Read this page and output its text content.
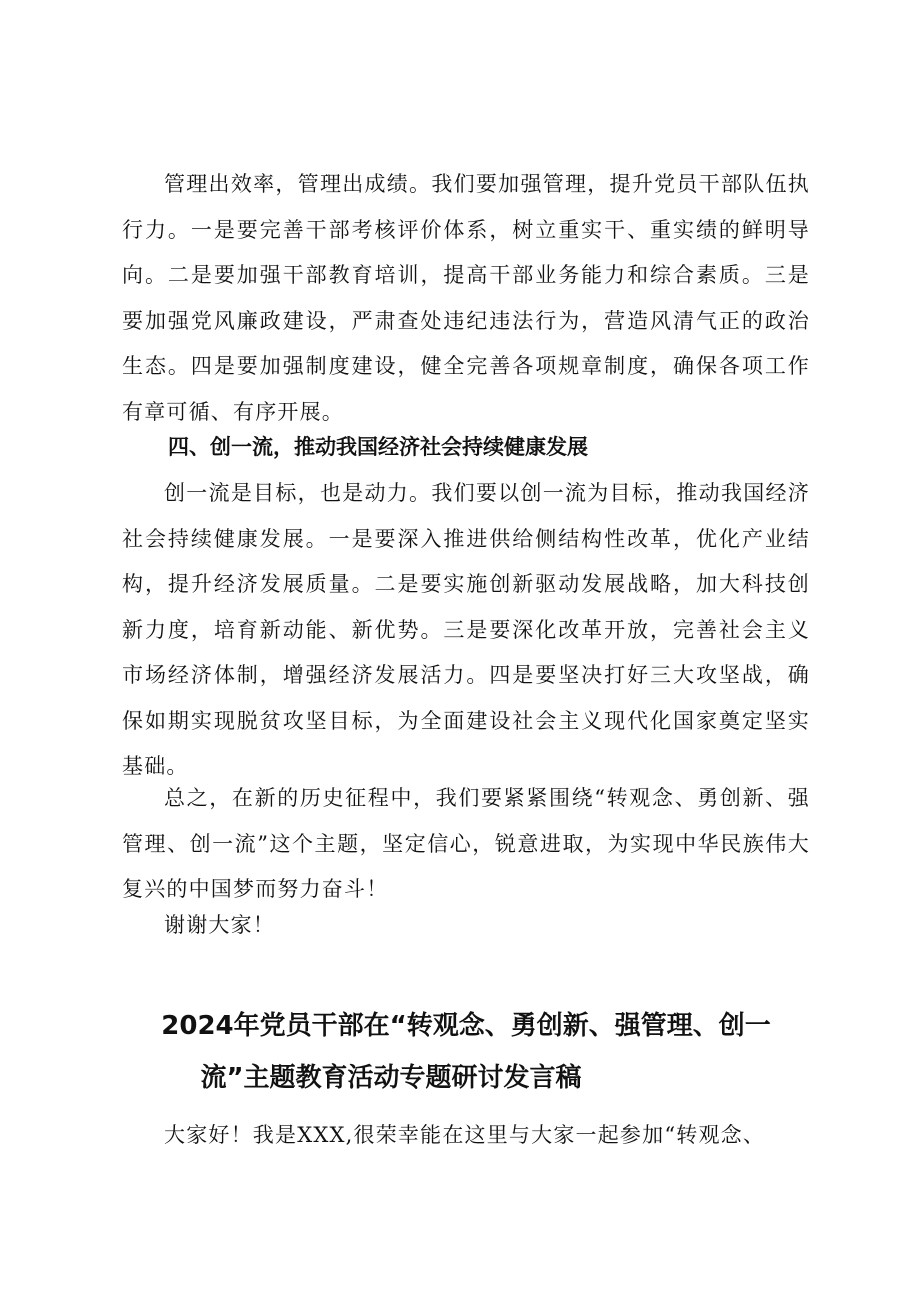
管理出效率，管理出成绩。我们要加强管理，提升党员干部队伍执行力。一是要完善干部考核评价体系，树立重实干、重实绩的鲜明导向。二是要加强干部教育培训，提高干部业务能力和综合素质。三是要加强党风廉政建设，严肃查处违纪违法行为，营造风清气正的政治生态。四是要加强制度建设，健全完善各项规章制度，确保各项工作有章可循、有序开展。

四、创一流，推动我国经济社会持续健康发展

创一流是目标，也是动力。我们要以创一流为目标，推动我国经济社会持续健康发展。一是要深入推进供给侧结构性改革，优化产业结构，提升经济发展质量。二是要实施创新驱动发展战略，加大科技创新力度，培育新动能、新优势。三是要深化改革开放，完善社会主义市场经济体制，增强经济发展活力。四是要坚决打好三大攻坚战，确保如期实现脱贫攻坚目标，为全面建设社会主义现代化国家奠定坚实基础。

总之，在新的历史征程中，我们要紧紧围绕“转观念、勇创新、强管理、创一流”这个主题，坚定信心，锐意进取，为实现中华民族伟大复兴的中国梦而努力奋斗！

谢谢大家！

2024年党员干部在“转观念、勇创新、强管理、创一
流”主题教育活动专题研讨发言稿

大家好！我是XXX,很荣幸能在这里与大家一起参加“转观念、
